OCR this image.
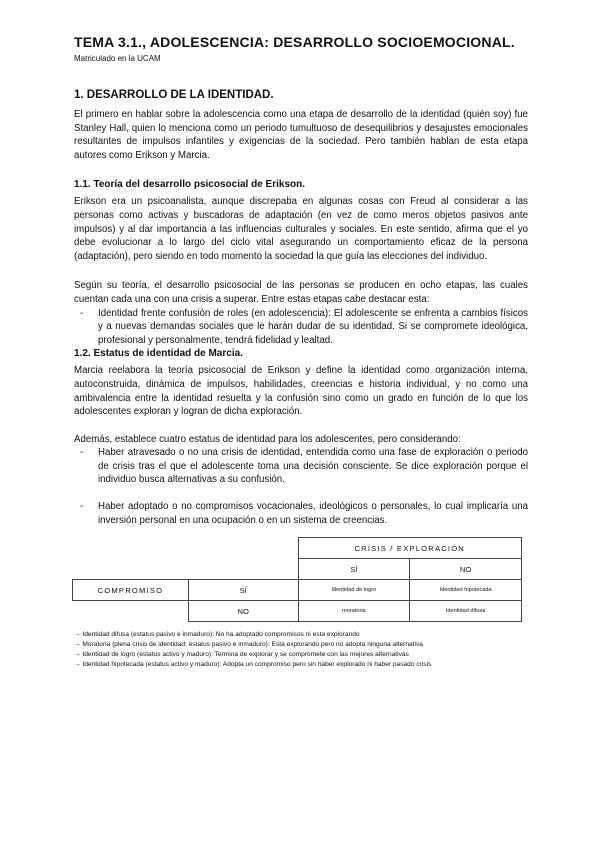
TEMA 3.1., ADOLESCENCIA: DESARROLLO SOCIOEMOCIONAL.
Matriculado en la UCAM
1. DESARROLLO DE LA IDENTIDAD.

El primero en hablar sobre la adolescencia como una etapa de desarrollo de la identidad (quién soy) fue Stanley Hall, quien lo menciona como un periodo tumultuoso de desequilibrios y desajustes emocionales resultantes de impulsos infantiles y exigencias de la sociedad. Pero también hablan de esta etapa autores como Erikson y Marcia.

1.1. Teoría del desarrollo psicosocial de Erikson.

Erikson era un psicoanalista, aunque discrepaba en algunas cosas con Freud al considerar a las personas como activas y buscadoras de adaptación (en vez de como meros objetos pasivos ante impulsos) y al dar importancia a las influencias culturales y sociales. En este sentido, afirma que el yo debe evolucionar a lo largo del ciclo vital asegurando un comportamiento eficaz de la persona (adaptación), pero siendo en todo momento la sociedad la que guía las elecciones del individuo.

Según su teoría, el desarrollo psicosocial de las personas se producen en ocho etapas, las cuales cuentan cada una con una crisis a superar. Entre estas etapas cabe destacar esta:

- Identidad frente confusión de roles (en adolescencia): El adolescente se enfrenta a cambios físicos y a nuevas demandas sociales que le harán dudar de su identidad. Si se compromete ideológica, profesional y personalmente, tendrá fidelidad y lealtad.
1.2. Estatus de identidad de Marcia.

Marcia reelabora la teoría psicosocial de Erikson y define la identidad como organización interna, autoconstruida, dinámica de impulsos, habilidades, creencias e historia individual, y no como una ambivalencia entre la identidad resuelta y la confusión sino como un grado en función de lo que los adolescentes exploran y logran de dicha exploración.

Además, establece cuatro estatus de identidad para los adolescentes, pero considerando:

- Haber atravesado o no una crisis de identidad, entendida como una fase de exploración o periodo de crisis tras el que el adolescente toma una decisión consciente. Se dice exploración porque el individuo busca alternativas a su confusión.
- Haber adoptado o no compromisos vocacionales, ideológicos o personales, lo cual implicaría una inversión personal en una ocupación o en un sistema de creencias.
		CRISIS / EXPLORACIÓN	
		SÍ	NO
COMPROMISO	SÍ	Identidad de logro	Identidad hipotecada
	NO	moratoria	Identidad difusa
→ Identidad difusa (estatus pasivo e inmaduro): No ha adoptado compromisos ni esta explorando
→ Moratoria (plena crisis de identidad; estatus pasivo e inmaduro): Está explorando pero no adopta ninguna alternativa
→ Identidad de logro (estatus activo y maduro): Termina de explorar y se compromete con las mejores alternativas
→ Identidad hipotecada (estatus activo y maduro): Adopta un compromiso pero sin haber explorado ni haber pasado crisis
